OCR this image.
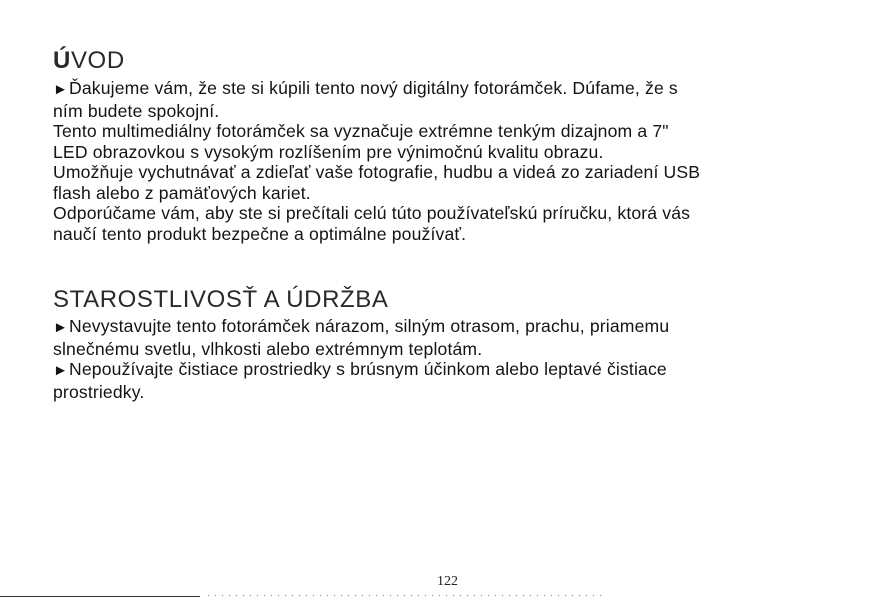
ÚVOD
►Ďakujeme vám, že ste si kúpili tento nový digitálny fotorámček. Dúfame, že s
ním budete spokojní.
Tento multimediálny fotorámček sa vyznačuje extrémne tenkým dizajnom a 7"
LED obrazovkou s vysokým rozlíšením pre výnimočnú kvalitu obrazu.
Umožňuje vychutnávať a zdieľať vaše fotografie, hudbu a videá zo zariadení USB
flash alebo z pamäťových kariet.
Odporúčame vám, aby ste si prečítali celú túto používateľskú príručku, ktorá vás
naučí tento produkt bezpečne a optimálne používať.
STAROSTLIVOSŤ A ÚDRŽBA
►Nevystavujte tento fotorámček nárazom, silným otrasom, prachu, priamemu
slnečnému svetlu, vlhkosti alebo extrémnym teplotám.
►Nepoužívajte čistiace prostriedky s brúsnym účinkom alebo leptavé čistiace
prostriedky.
122
